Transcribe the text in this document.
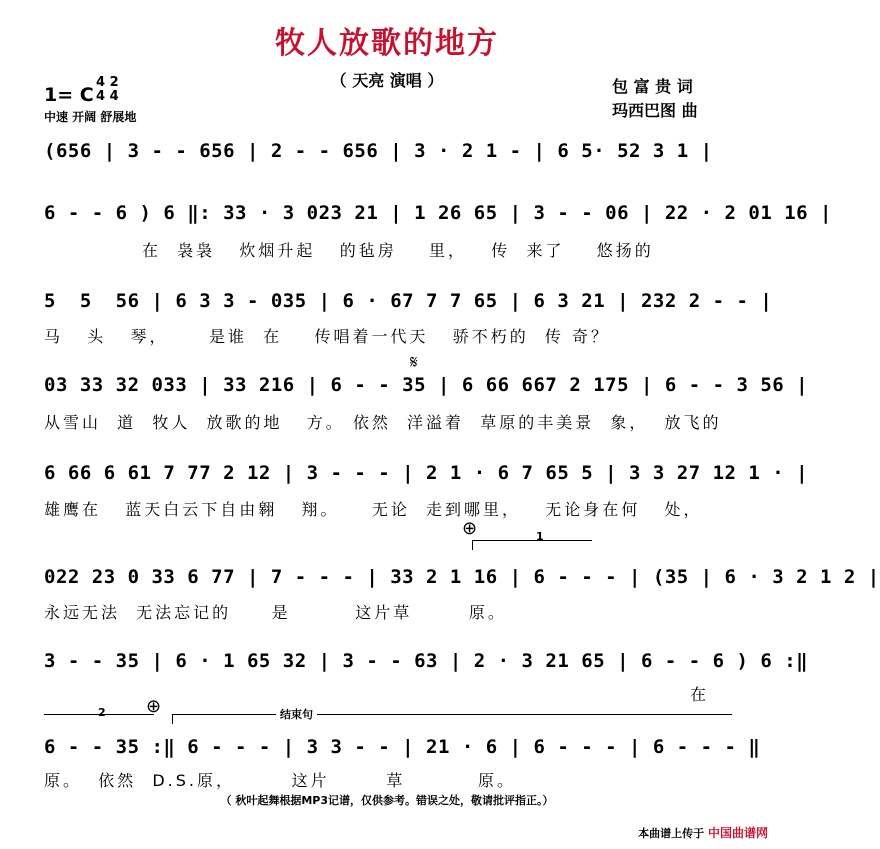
牧人放歌的地方
（ 天亮 演唱 ）	包 富 贵 词
玛西巴图 曲
1= C
4 2
4 4
中速 开阔 舒展地
(656 | 3 - - 656 | 2 - - 656 | 3 · 2 1 - | 6 5· 52 3 1 |
6 - - 6 ) 6 ‖: 33 · 3 023 21 | 1 26 65 | 3 - - 06 | 22 · 2 01 16 |
在  袅袅   炊烟升起   的毡房    里，   传  来了    悠扬的
5  5  56 | 6 3 3 - 035 | 6 · 67 7 7 65 | 6 3 21 | 232 2 - - |
马   头   琴，     是谁  在    传唱着一代天   骄不朽的  传 奇？
03 33 32 033 | 33 216 | 6 - - 35 | 6 66 667 2 175 | 6 - - 3 56 |
从雪山  道  牧人  放歌的地   方。 依然  洋溢着  草原的丰美景  象，  放飞的
𝄋
6 66 6 61 7 77 2 12 | 3 - - - | 2 1 · 6 7 65 5 | 3 3 27 12 1 · |
雄鹰在   蓝天白云下自由翱   翔。    无论  走到哪里，   无论身在何   处，
⊕	1
022 23 0 33 6 77 | 7 - - - | 33 2 1 16 | 6 - - - | (35 | 6 · 3 2 1 2 |
永远无法  无法忘记的     是        这片草       原。
3 - - 35 | 6 · 1 65 32 | 3 - - 63 | 2 · 3 21 65 | 6 - - 6 ) 6 :‖
在
2 ⊕	结束句
6 - - 35 :‖ 6 - - - | 3 3 - - | 21 · 6 | 6 - - - | 6 - - - ‖
原。  依然  D.S.原，       这片       草         原。
（ 秋叶起舞根据MP3记谱，仅供参考。错误之处，敬请批评指正。）
本曲谱上传于 中国曲谱网
